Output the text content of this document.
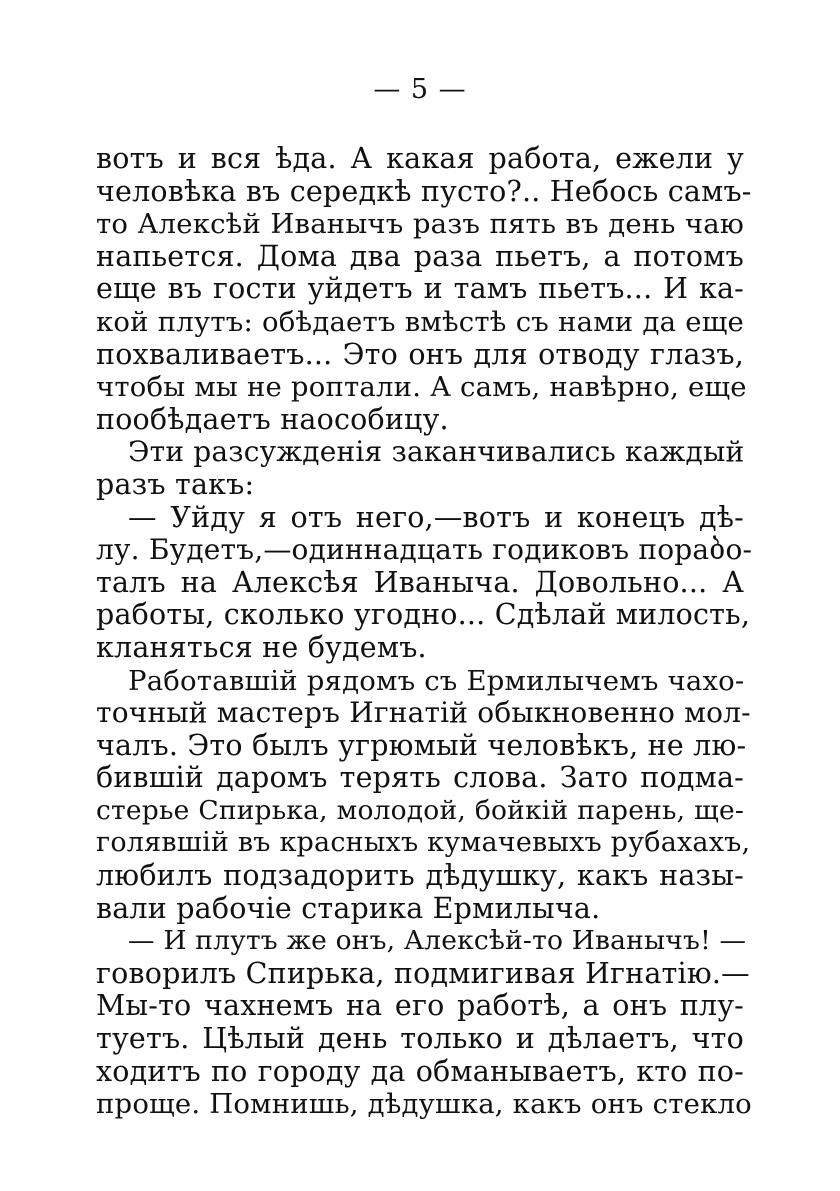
— 5 —
вотъ и вся ѣда. А какая работа, ежели у
человѣка въ середкѣ пусто?.. Небось самъ-
то Алексѣй Иванычъ разъ пять въ день чаю
напьется. Дома два раза пьетъ, а потомъ
еще въ гости уйдетъ и тамъ пьетъ... И ка-
кой плутъ: обѣдаетъ вмѣстѣ съ нами да еще
похваливаетъ... Это онъ для отводу глазъ,
чтобы мы не роптали. А самъ, навѣрно, еще
пообѣдаетъ наособицу.
Эти разсужденія заканчивались каждый
разъ такъ:
— Уйду я отъ него,—вотъ и конецъ дѣ-
лу. Будетъ,—одиннадцать годиковъ пораბо-
талъ на Алексѣя Иваныча. Довольно... А
работы, сколько угодно... Сдѣлай милость,
кланяться не будемъ.
Работавшій рядомъ съ Ермилычемъ чахо-
точный мастеръ Игнатій обыкновенно мол-
чалъ. Это былъ угрюмый человѣкъ, не лю-
бившій даромъ терять слова. Зато подма-
стерье Спирька, молодой, бойкій парень, ще-
голявшій въ красныхъ кумачевыхъ рубахахъ,
любилъ подзадорить дѣдушку, какъ назы-
вали рабочіе старика Ермилыча.
— И плутъ же онъ, Алексѣй-то Иванычъ! —
говорилъ Спирька, подмигивая Игнатію.—
Мы-то чахнемъ на его работѣ, а онъ плу-
туетъ. Цѣлый день только и дѣлаетъ, что
ходитъ по городу да обманываетъ, кто по-
проще. Помнишь, дѣдушка, какъ онъ стекло
